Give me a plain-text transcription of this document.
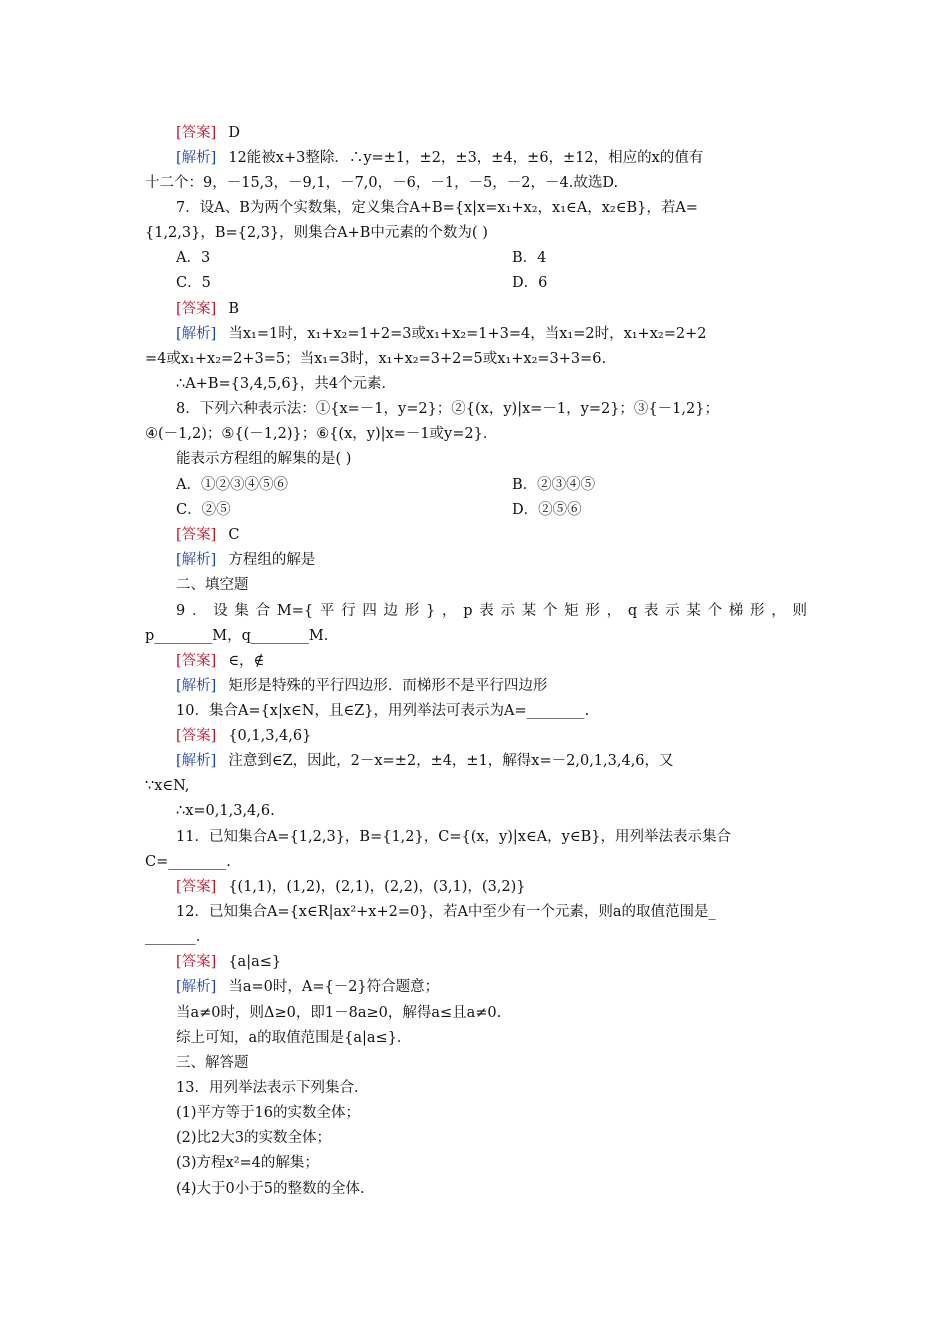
[答案] D
[解析] 12能被x+3整除．∴y=±1，±2，±3，±4，±6，±12，相应的x的值有
十二个：9，－15,3，－9,1，－7,0，－6，－1，－5，－2，－4.故选D.
7．设A、B为两个实数集，定义集合A+B={x|x=x₁+x₂，x₁∈A，x₂∈B}，若A=
{1,2,3}，B={2,3}，则集合A+B中元素的个数为( )
A．3	B．4
C．5	D．6
[答案] B
[解析] 当x₁=1时，x₁+x₂=1+2=3或x₁+x₂=1+3=4，当x₁=2时，x₁+x₂=2+2
=4或x₁+x₂=2+3=5；当x₁=3时，x₁+x₂=3+2=5或x₁+x₂=3+3=6.
∴A+B={3,4,5,6}，共4个元素．
8．下列六种表示法：①{x=－1，y=2}；②{(x，y)|x=－1，y=2}；③{－1,2}；
④(－1,2)；⑤{(－1,2)}；⑥{(x，y)|x=－1或y=2}．
能表示方程组的解集的是( )
A．①②③④⑤⑥	B．②③④⑤
C．②⑤	D．②⑤⑥
[答案] C
[解析] 方程组的解是
二、填空题
9．设集合M={平行四边形}，p表示某个矩形，q表示某个梯形，则
p________M，q________M.
[答案] ∈，∉
[解析] 矩形是特殊的平行四边形．而梯形不是平行四边形
10．集合A={x|x∈N，且∈Z}，用列举法可表示为A=________.
[答案] {0,1,3,4,6}
[解析] 注意到∈Z，因此，2－x=±2，±4，±1，解得x=－2,0,1,3,4,6，又
∵x∈N,
∴x=0,1,3,4,6.
11．已知集合A={1,2,3}，B={1,2}，C={(x，y)|x∈A，y∈B}，用列举法表示集合
C=________.
[答案] {(1,1)，(1,2)，(2,1)，(2,2)，(3,1)，(3,2)}
12．已知集合A={x∈R|ax²+x+2=0}，若A中至少有一个元素，则a的取值范围是_
_______.
[答案] {a|a≤}
[解析] 当a=0时，A={－2}符合题意；
当a≠0时，则Δ≥0，即1－8a≥0，解得a≤且a≠0.
综上可知，a的取值范围是{a|a≤}．
三、解答题
13．用列举法表示下列集合．
(1)平方等于16的实数全体；
(2)比2大3的实数全体；
(3)方程x²=4的解集；
(4)大于0小于5的整数的全体．
